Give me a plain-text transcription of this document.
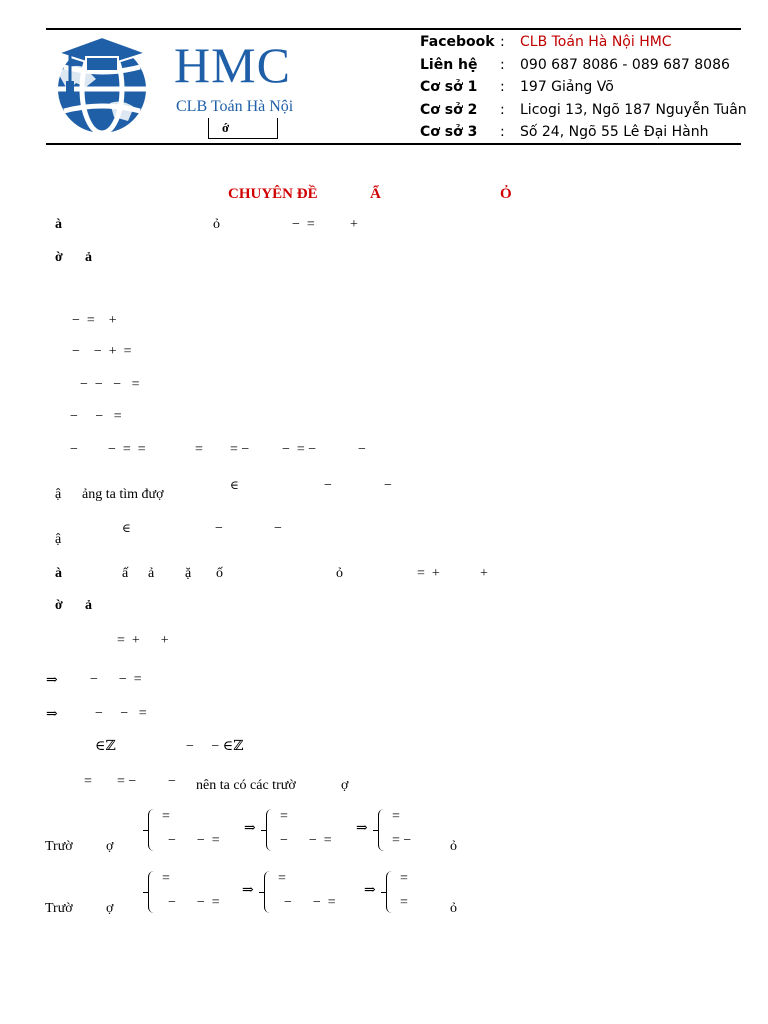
HMC
CLB Toán Hà Nội
ớ
Facebook : CLB Toán Hà Nội HMC
Liên hệ : 090 687 8086 - 089 687 8086
Cơ sở 1 : 197 Giảng Võ
Cơ sở 2 : Licogi 13, Ngõ 187 Nguyễn Tuân
Cơ sở 3 : Số 24, Ngõ 55 Lê Đại Hành
CHUYÊN ĐỀ	Ẩ	Ỏ
à	ỏ	−  =	+
ờ ả
−  =    +
−    −  +  =
−  −   −   =
−     −   =
− −  =  =	= = − −  = −	−
ậ ảng ta tìm đượ
∈	−	−
ậ
∈	−	−
à	ấ ả ặ ố	ỏ	=  +	+
ờ ả
=  +      +
⇒ −      −  =
⇒	−     −   =
∈ℤ	−     − ∈ℤ
= = − − nên ta có các trườ	ợ
Trườ ợ
=
−      −  =
⇒
=
−      −  =
⇒
=
= −	ỏ
Trườ ợ
=
−      −  =
⇒
=
−      −  =
⇒
=
=	ỏ
